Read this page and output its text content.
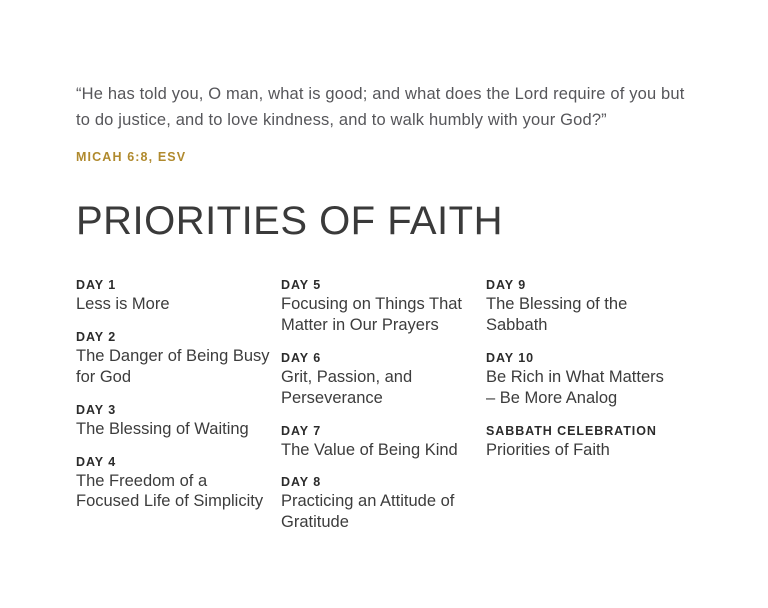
“He has told you, O man, what is good; and what does the Lord require of you but to do justice, and to love kindness, and to walk humbly with your God?”

MICAH 6:8, ESV

PRIORITIES OF FAITH
DAY 1
Less is More
DAY 2
The Danger of Being Busy for God
DAY 3
The Blessing of Waiting
DAY 4
The Freedom of a Focused Life of Simplicity
DAY 5
Focusing on Things That Matter in Our Prayers
DAY 6
Grit, Passion, and Perseverance
DAY 7
The Value of Being Kind
DAY 8
Practicing an Attitude of Gratitude
DAY 9
The Blessing of the Sabbath
DAY 10
Be Rich in What Matters – Be More Analog
SABBATH CELEBRATION
Priorities of Faith
